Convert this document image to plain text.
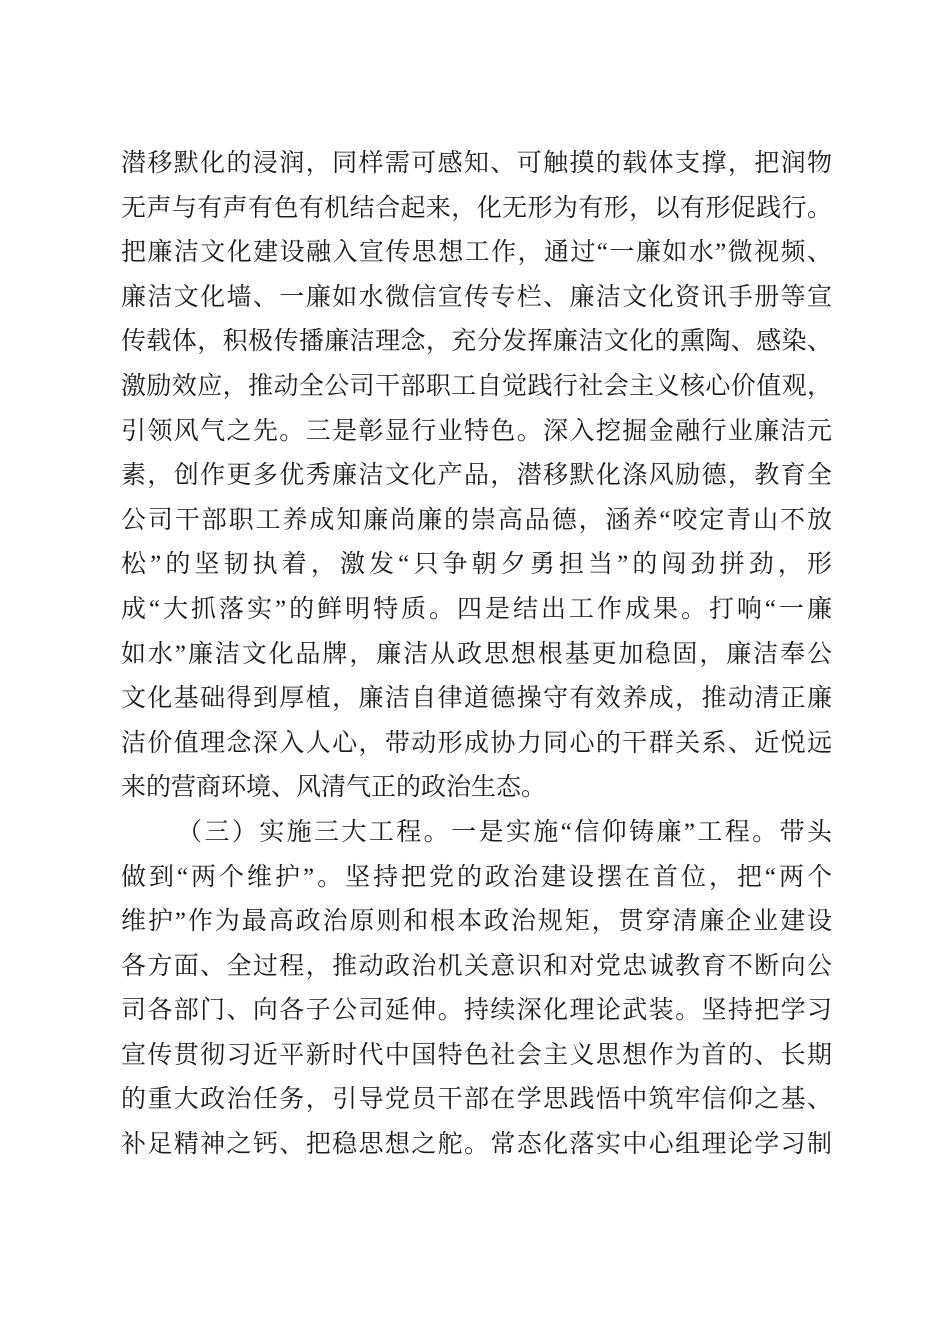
潜移默化的浸润，同样需可感知、可触摸的载体支撑，把润物
无声与有声有色有机结合起来，化无形为有形，以有形促践行。
把廉洁文化建设融入宣传思想工作，通过“一廉如水”微视频、
廉洁文化墙、一廉如水微信宣传专栏、廉洁文化资讯手册等宣
传载体，积极传播廉洁理念，充分发挥廉洁文化的熏陶、感染、
激励效应，推动全公司干部职工自觉践行社会主义核心价值观，
引领风气之先。三是彰显行业特色。深入挖掘金融行业廉洁元
素，创作更多优秀廉洁文化产品，潜移默化涤风励德，教育全
公司干部职工养成知廉尚廉的崇高品德，涵养“咬定青山不放
松”的坚韧执着，激发“只争朝夕勇担当”的闯劲拼劲，形
成“大抓落实”的鲜明特质。四是结出工作成果。打响“一廉
如水”廉洁文化品牌，廉洁从政思想根基更加稳固，廉洁奉公
文化基础得到厚植，廉洁自律道德操守有效养成，推动清正廉
洁价值理念深入人心，带动形成协力同心的干群关系、近悦远
来的营商环境、风清气正的政治生态。
（三）实施三大工程。一是实施“信仰铸廉”工程。带头
做到“两个维护”。坚持把党的政治建设摆在首位，把“两个
维护”作为最高政治原则和根本政治规矩，贯穿清廉企业建设
各方面、全过程，推动政治机关意识和对党忠诚教育不断向公
司各部门、向各子公司延伸。持续深化理论武装。坚持把学习
宣传贯彻习近平新时代中国特色社会主义思想作为首的、长期
的重大政治任务，引导党员干部在学思践悟中筑牢信仰之基、
补足精神之钙、把稳思想之舵。常态化落实中心组理论学习制
